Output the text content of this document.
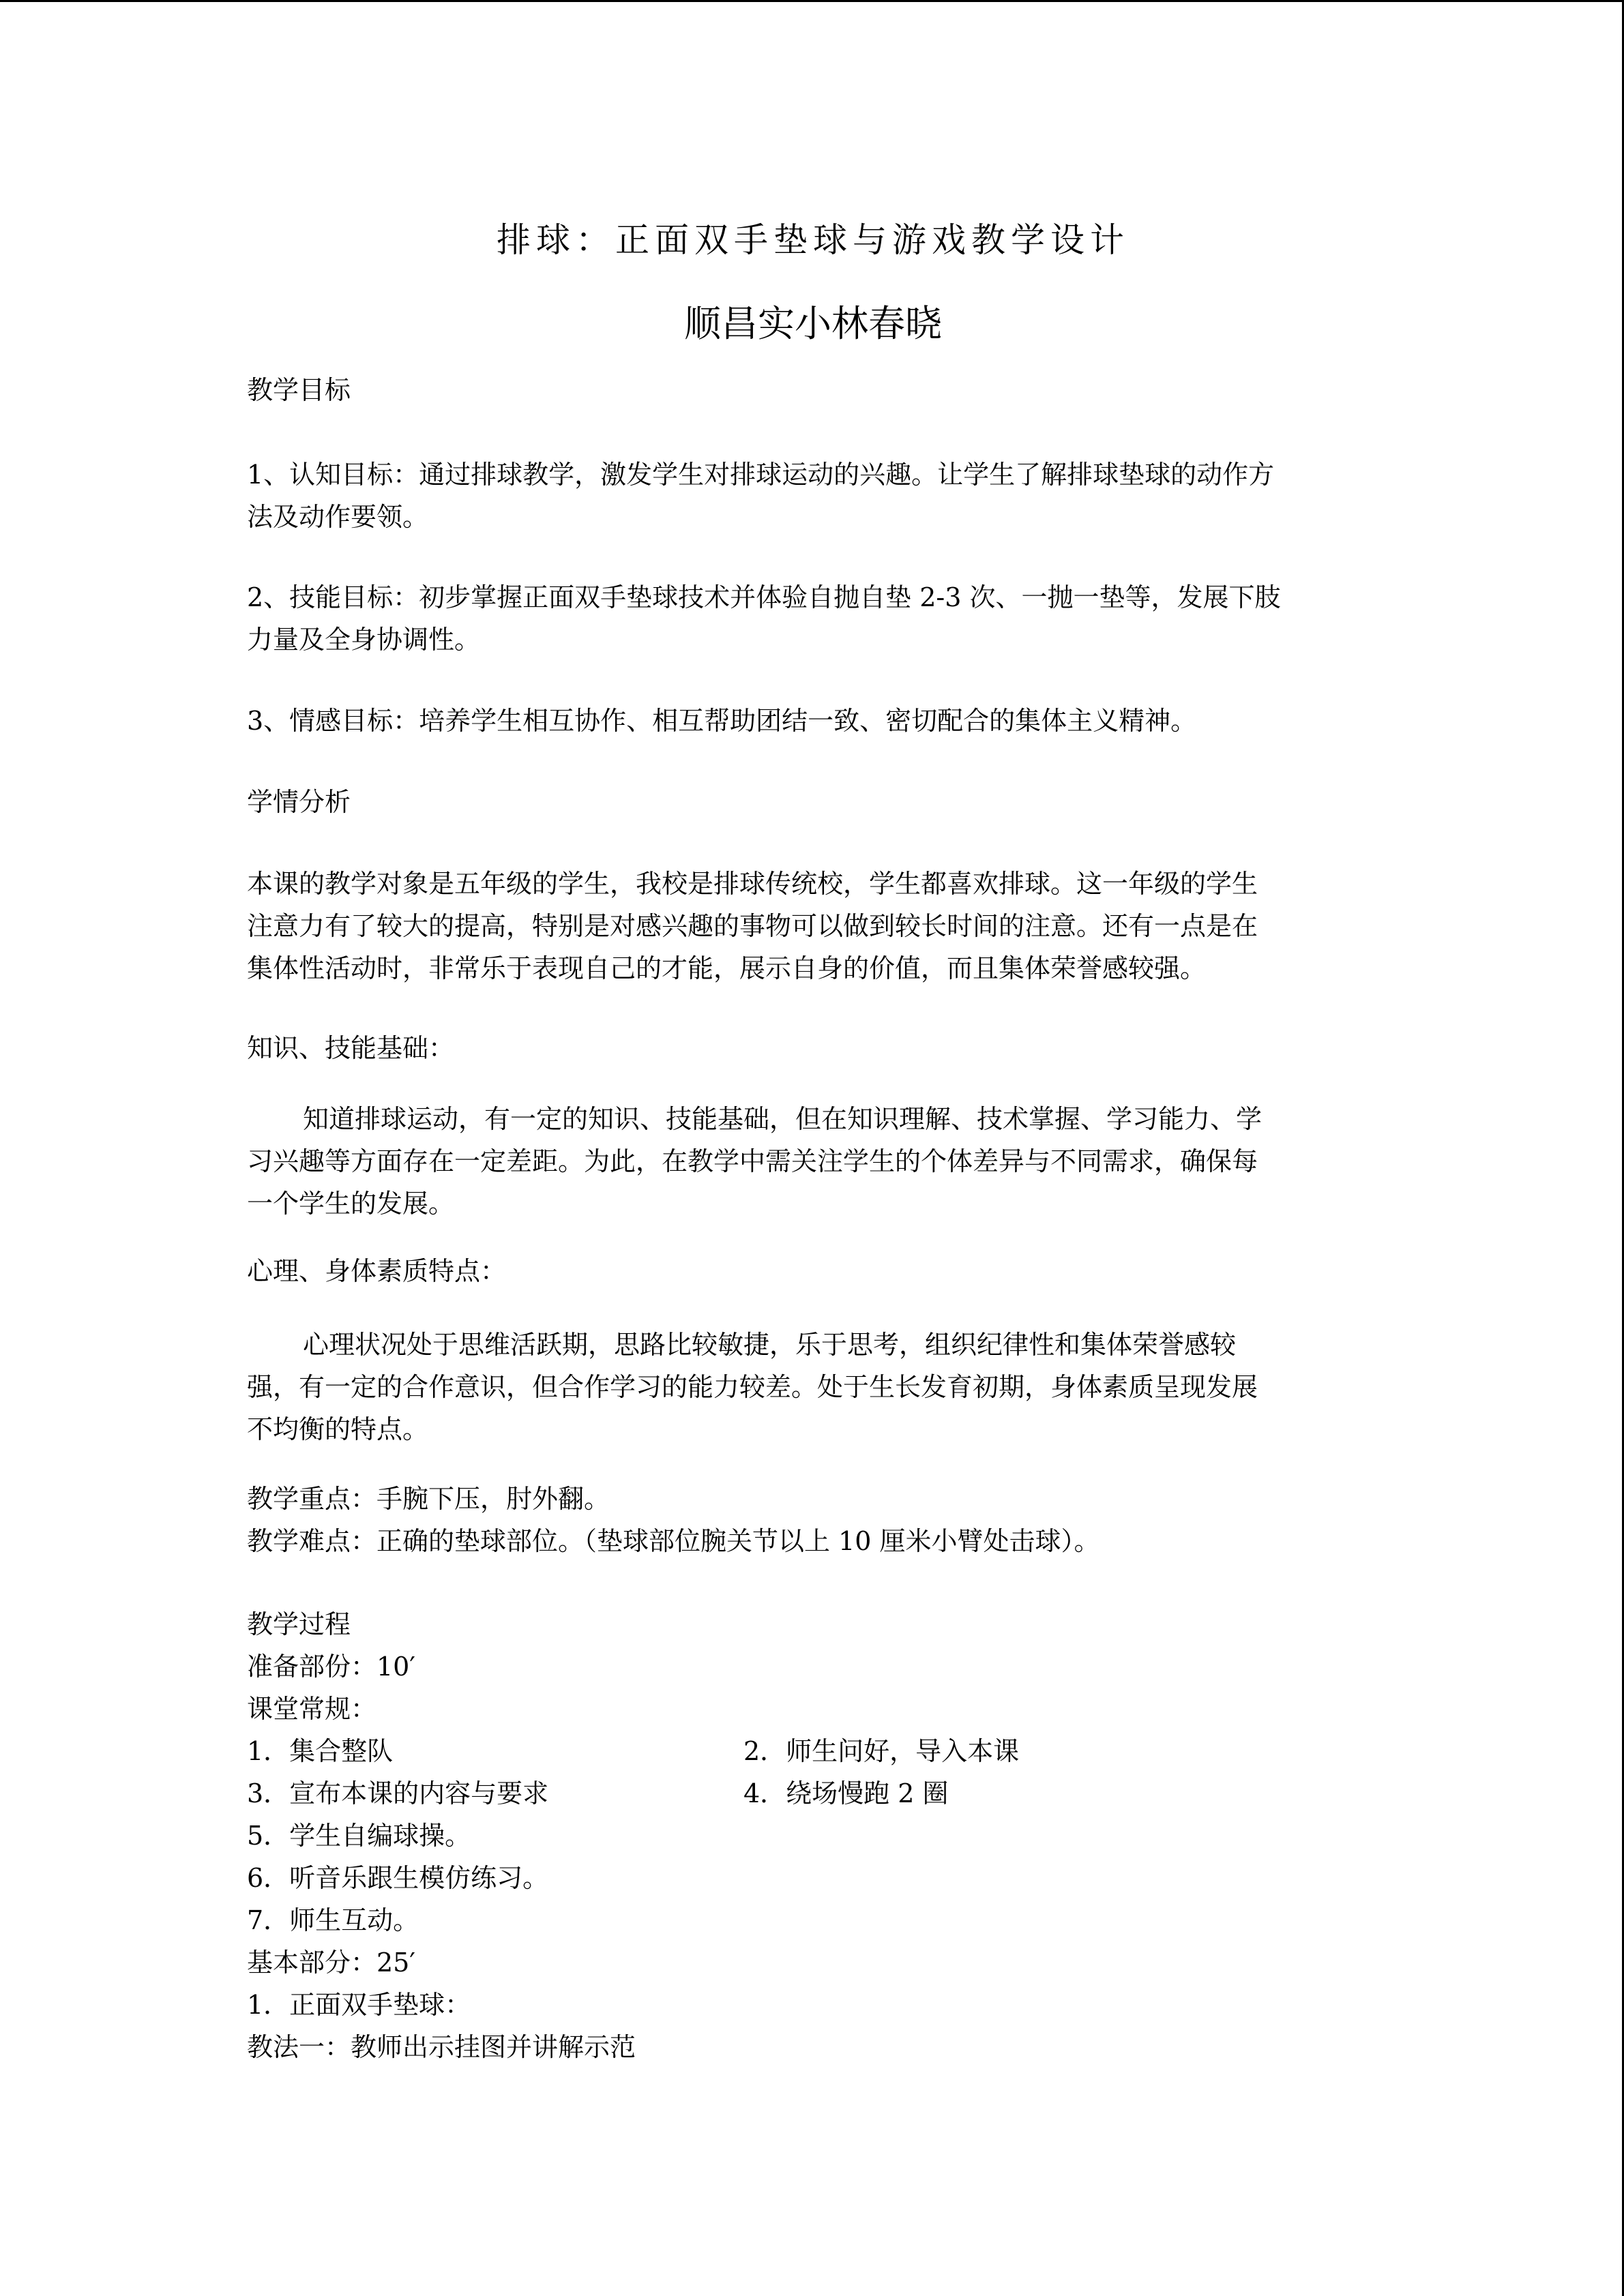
排球：正面双手垫球与游戏教学设计
顺昌实小林春晓
教学目标
1、认知目标：通过排球教学，激发学生对排球运动的兴趣。让学生了解排球垫球的动作方
法及动作要领。
2、技能目标：初步掌握正面双手垫球技术并体验自抛自垫 2-3 次、一抛一垫等，发展下肢
力量及全身协调性。
3、情感目标：培养学生相互协作、相互帮助团结一致、密切配合的集体主义精神。
学情分析
本课的教学对象是五年级的学生，我校是排球传统校，学生都喜欢排球。这一年级的学生
注意力有了较大的提高，特别是对感兴趣的事物可以做到较长时间的注意。还有一点是在
集体性活动时，非常乐于表现自己的才能，展示自身的价值，而且集体荣誉感较强。
知识、技能基础：
知道排球运动，有一定的知识、技能基础，但在知识理解、技术掌握、学习能力、学
习兴趣等方面存在一定差距。为此，在教学中需关注学生的个体差异与不同需求，确保每
一个学生的发展。
心理、身体素质特点：
心理状况处于思维活跃期，思路比较敏捷，乐于思考，组织纪律性和集体荣誉感较
强，有一定的合作意识，但合作学习的能力较差。处于生长发育初期，身体素质呈现发展
不均衡的特点。
教学重点：手腕下压，肘外翻。
教学难点：正确的垫球部位。（垫球部位腕关节以上 10 厘米小臂处击球）。
教学过程
准备部份：10′
课堂常规：
1．集合整队	2．师生问好，导入本课
3．宣布本课的内容与要求	4．绕场慢跑 2 圈
5．学生自编球操。
6．听音乐跟生模仿练习。
7．师生互动。
基本部分：25′
1．正面双手垫球：
教法一：教师出示挂图并讲解示范
